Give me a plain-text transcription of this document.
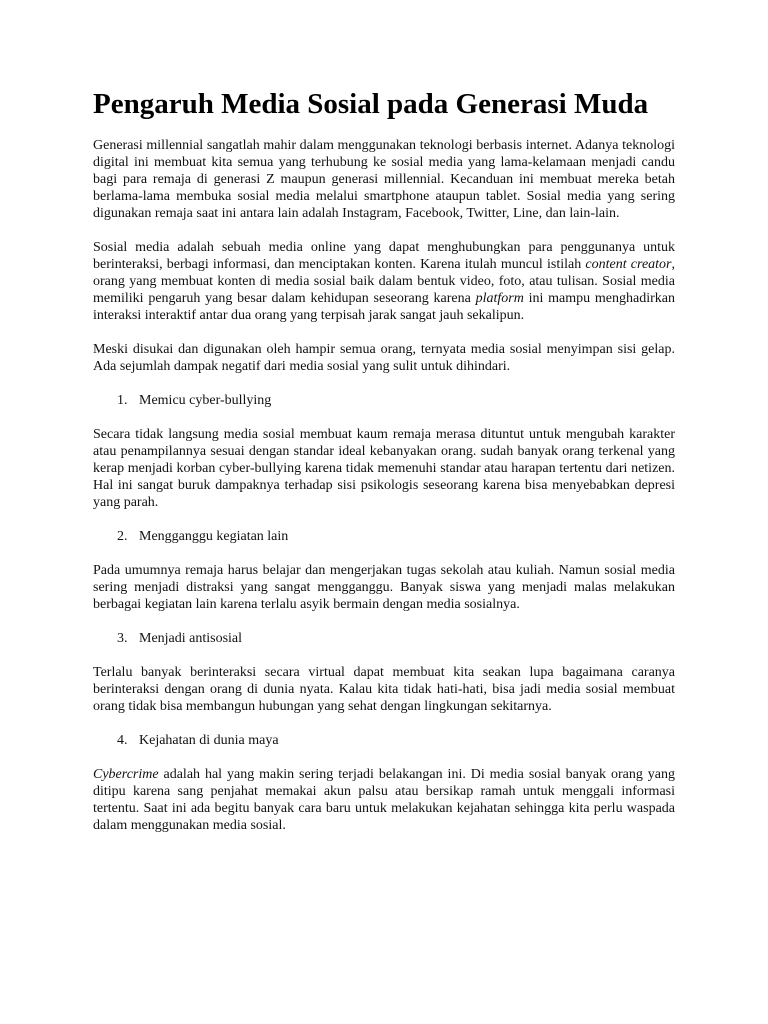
Pengaruh Media Sosial pada Generasi Muda

Generasi millennial sangatlah mahir dalam menggunakan teknologi berbasis internet. Adanya teknologi digital ini membuat kita semua yang terhubung ke sosial media yang lama-kelamaan menjadi candu bagi para remaja di generasi Z maupun generasi millennial. Kecanduan ini membuat mereka betah berlama-lama membuka sosial media melalui smartphone ataupun tablet. Sosial media yang sering digunakan remaja saat ini antara lain adalah Instagram, Facebook, Twitter, Line, dan lain-lain.

Sosial media adalah sebuah media online yang dapat menghubungkan para penggunanya untuk berinteraksi, berbagi informasi, dan menciptakan konten. Karena itulah muncul istilah content creator, orang yang membuat konten di media sosial baik dalam bentuk video, foto, atau tulisan. Sosial media memiliki pengaruh yang besar dalam kehidupan seseorang karena platform ini mampu menghadirkan interaksi interaktif antar dua orang yang terpisah jarak sangat jauh sekalipun.

Meski disukai dan digunakan oleh hampir semua orang, ternyata media sosial menyimpan sisi gelap. Ada sejumlah dampak negatif dari media sosial yang sulit untuk dihindari.

1. Memicu cyber-bullying

Secara tidak langsung media sosial membuat kaum remaja merasa dituntut untuk mengubah karakter atau penampilannya sesuai dengan standar ideal kebanyakan orang. sudah banyak orang terkenal yang kerap menjadi korban cyber-bullying karena tidak memenuhi standar atau harapan tertentu dari netizen. Hal ini sangat buruk dampaknya terhadap sisi psikologis seseorang karena bisa menyebabkan depresi yang parah.

2. Mengganggu kegiatan lain

Pada umumnya remaja harus belajar dan mengerjakan tugas sekolah atau kuliah. Namun sosial media sering menjadi distraksi yang sangat mengganggu. Banyak siswa yang menjadi malas melakukan berbagai kegiatan lain karena terlalu asyik bermain dengan media sosialnya.

3. Menjadi antisosial

Terlalu banyak berinteraksi secara virtual dapat membuat kita seakan lupa bagaimana caranya berinteraksi dengan orang di dunia nyata. Kalau kita tidak hati-hati, bisa jadi media sosial membuat orang tidak bisa membangun hubungan yang sehat dengan lingkungan sekitarnya.

4. Kejahatan di dunia maya

Cybercrime adalah hal yang makin sering terjadi belakangan ini. Di media sosial banyak orang yang ditipu karena sang penjahat memakai akun palsu atau bersikap ramah untuk menggali informasi tertentu. Saat ini ada begitu banyak cara baru untuk melakukan kejahatan sehingga kita perlu waspada dalam menggunakan media sosial.
